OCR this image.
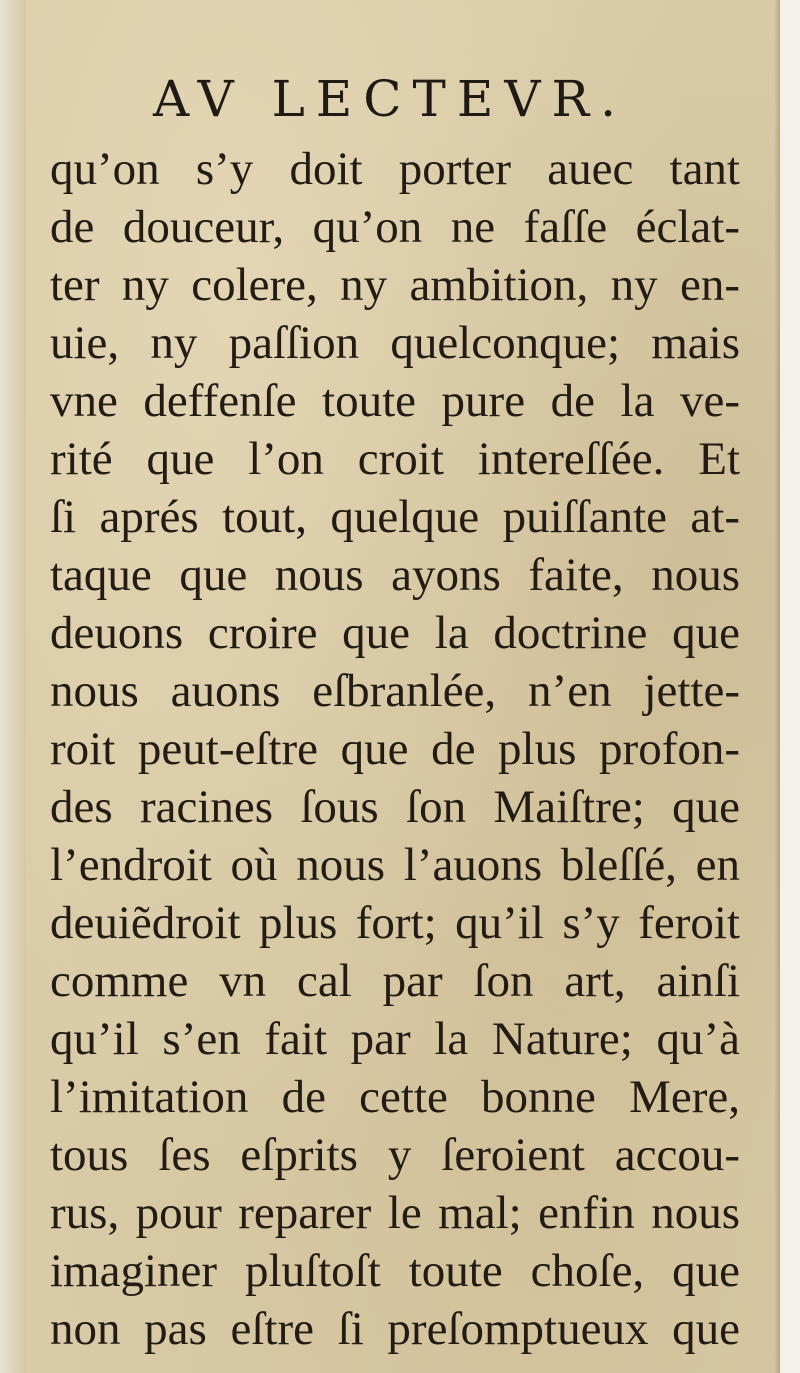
AV LECTEVR.
qu’on s’y doit porter auec tant
de douceur, qu’on ne faſſe éclat-
ter ny colere, ny ambition, ny en-
uie, ny paſſion quelconque; mais
vne deffenſe toute pure de la ve-
rité que l’on croit intereſſée. Et
ſi aprés tout, quelque puiſſante at-
taque que nous ayons faite, nous
deuons croire que la doctrine que
nous auons eſbranlée, n’en jette-
roit peut-eſtre que de plus profon-
des racines ſous ſon Maiſtre; que
l’endroit où nous l’auons bleſſé, en
deuiẽdroit plus fort; qu’il s’y feroit
comme vn cal par ſon art, ainſi
qu’il s’en fait par la Nature; qu’à
l’imitation de cette bonne Mere,
tous ſes eſprits y ſeroient accou-
rus, pour reparer le mal; enfin nous
imaginer pluſtoſt toute choſe, que
non pas eſtre ſi preſomptueux que
